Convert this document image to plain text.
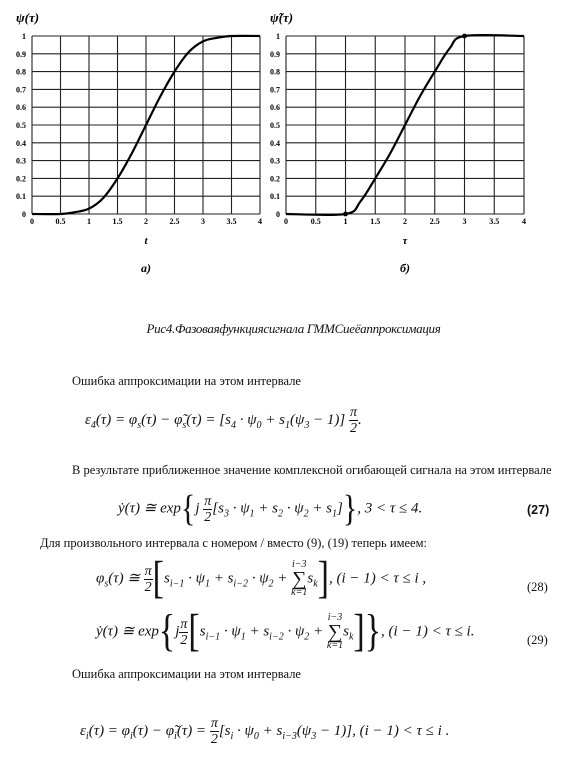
0
0.1
0.2
0.3
0.4
0.5
0.6
0.7
0.8
0.9
1
0	0.5	1	1.5	2	2.5	3	3.5	4
ψ(τ)
t
а)
0
0.1
0.2
0.3
0.4
0.5
0.6
0.7
0.8
0.9
1
0	0.5	1	1.5	2	2.5	3	3.5	4
ψ̃(τ)
τ
б)
Рис4.Фазоваяфункциясигнала ГММСиеёаппроксимация
Ошибка аппроксимации на этом интервале
$\varepsilon_4(\tau) = \varphi_s(\tau)$ − $\varphĩ_s(\tau) = [s_4 \cdot \psi_0 + s_1(\psi_3 - 1)] \frac{\pi}{2}$ .
В результате приближенное значение комплексной огибающей сигнала на этом интервале
ẏ(τ) ≅ $\exp\{j \frac{\pi}{2} [s_3 \cdot \psi_1 + s_2 \cdot \psi_2 + s_1]\}$, 3 < τ ≤ 4.	(27)
Для произвольного интервала с номером / вместо (9), (19) теперь имеем:
$\varphi_s(\tau)$ ≅ $\frac{\pi}{2} [s_{i-1} \cdot \psi_1 + s_{i-2} \cdot \psi_2 + i-3$
∑
$k=1s_k$], (i − 1) < τ ≤ i ,
(28)
ẏ(τ) ≅ $\exp\{j \frac{\pi}{2} [s_{i-1} \cdot \psi_1 + s_{i-2} \cdot \psi_2 + i-3$
∑
$k=1s_k$]}, (i − 1) < τ ≤ i.
(29)
Ошибка аппроксимации на этом интервале
$\varepsilon_i(\tau) = \varphi_i(\tau)$ − $\varphĩ_i(\tau) = \frac{\pi}{2} [s_i \cdot \psi_0 + s_{i-3}(\psi_3 - 1)]$, (i − 1) < τ ≤ i .
